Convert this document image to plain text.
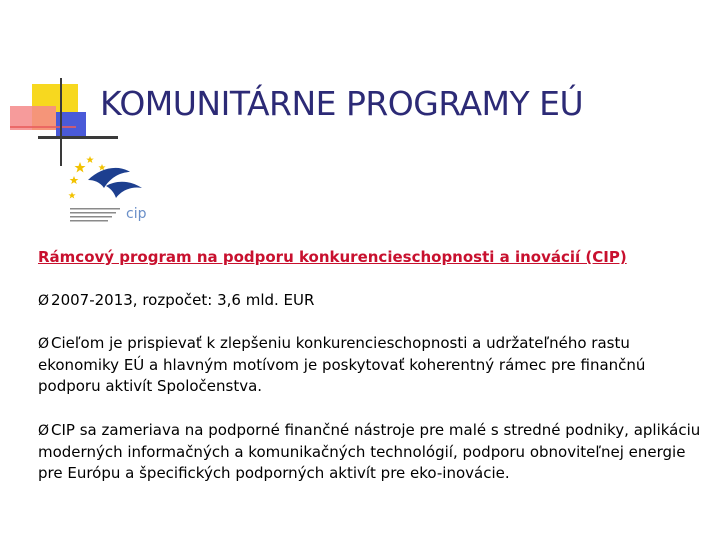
KOMUNITÁRNE PROGRAMY EÚ
cip
Rámcový program na podporu konkurencieschopnosti a inovácií (CIP)
Ø 2007-2013, rozpočet: 3,6 mld. EUR
Ø Cieľom je prispievať k zlepšeniu konkurencieschopnosti a udržateľného rastu ekonomiky EÚ a hlavným motívom je poskytovať koherentný rámec pre finančnú podporu aktivít Spoločenstva.
Ø CIP sa zameriava na podporné finančné nástroje pre malé s stredné podniky, aplikáciu moderných informačných a komunikačných technológií, podporu obnoviteľnej energie pre Európu a špecifických podporných aktivít pre eko-inovácie.
